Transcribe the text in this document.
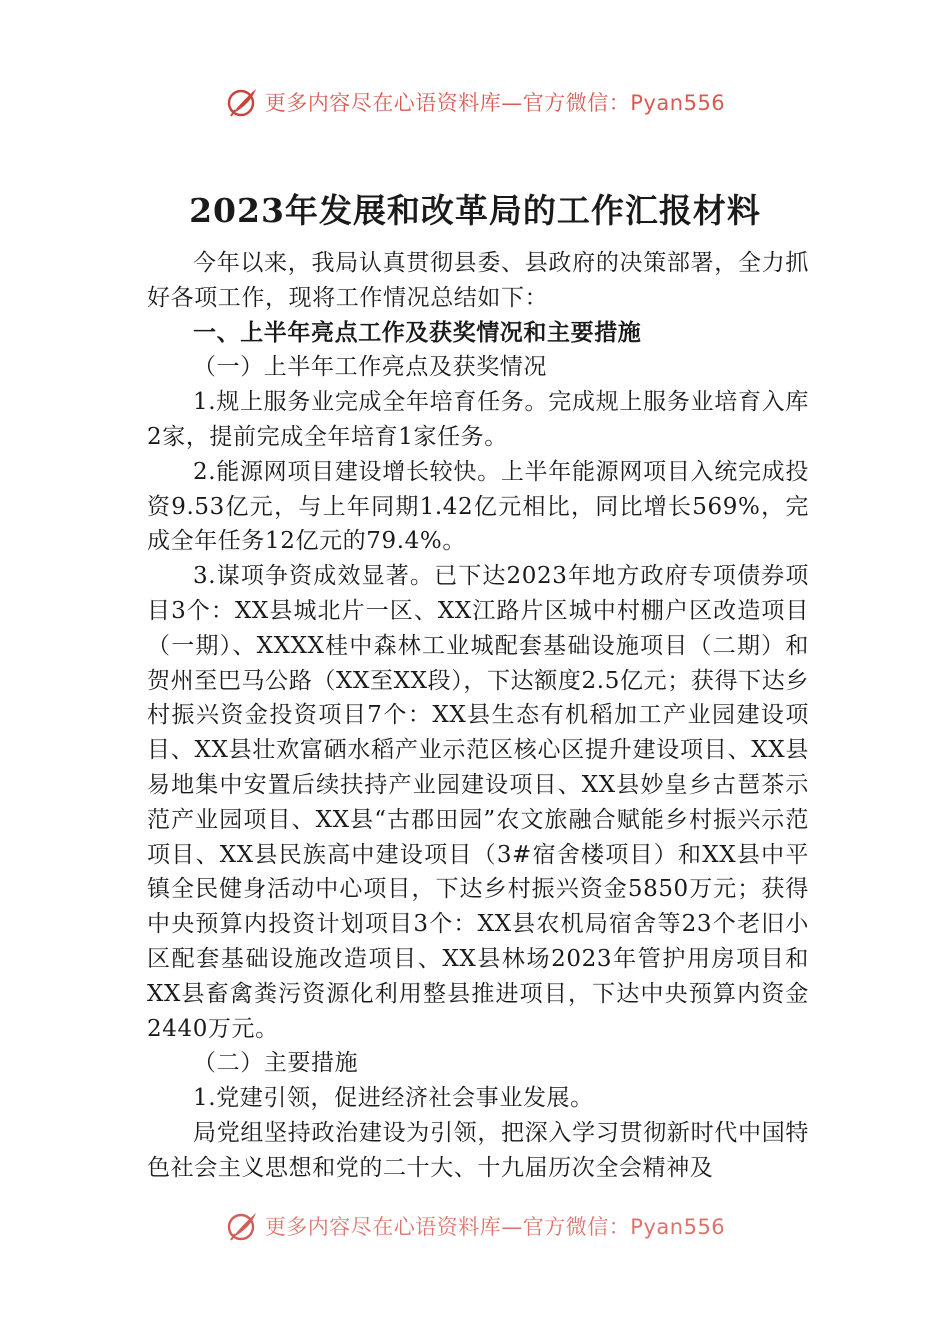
更多内容尽在心语资料库—官方微信：Pyan556
2023年发展和改革局的工作汇报材料

今年以来，我局认真贯彻县委、县政府的决策部署，全力抓好各项工作，现将工作情况总结如下：

一、上半年亮点工作及获奖情况和主要措施

（一）上半年工作亮点及获奖情况

1.规上服务业完成全年培育任务。完成规上服务业培育入库2家，提前完成全年培育1家任务。

2.能源网项目建设增长较快。上半年能源网项目入统完成投资9.53亿元，与上年同期1.42亿元相比，同比增长569%，完成全年任务12亿元的79.4%。

3.谋项争资成效显著。已下达2023年地方政府专项债券项目3个：XX县城北片一区、XX江路片区城中村棚户区改造项目（一期）、XXXX桂中森林工业城配套基础设施项目（二期）和贺州至巴马公路（XX至XX段），下达额度2.5亿元；获得下达乡村振兴资金投资项目7个：XX县生态有机稻加工产业园建设项目、XX县壮欢富硒水稻产业示范区核心区提升建设项目、XX县易地集中安置后续扶持产业园建设项目、XX县妙皇乡古琶茶示范产业园项目、XX县“古郡田园”农文旅融合赋能乡村振兴示范项目、XX县民族高中建设项目（3#宿舍楼项目）和XX县中平镇全民健身活动中心项目，下达乡村振兴资金5850万元；获得中央预算内投资计划项目3个：XX县农机局宿舍等23个老旧小区配套基础设施改造项目、XX县林场2023年管护用房项目和XX县畜禽粪污资源化利用整县推进项目，下达中央预算内资金2440万元。

（二）主要措施

1.党建引领，促进经济社会事业发展。

局党组坚持政治建设为引领，把深入学习贯彻新时代中国特色社会主义思想和党的二十大、十九届历次全会精神及

更多内容尽在心语资料库—官方微信：Pyan556
